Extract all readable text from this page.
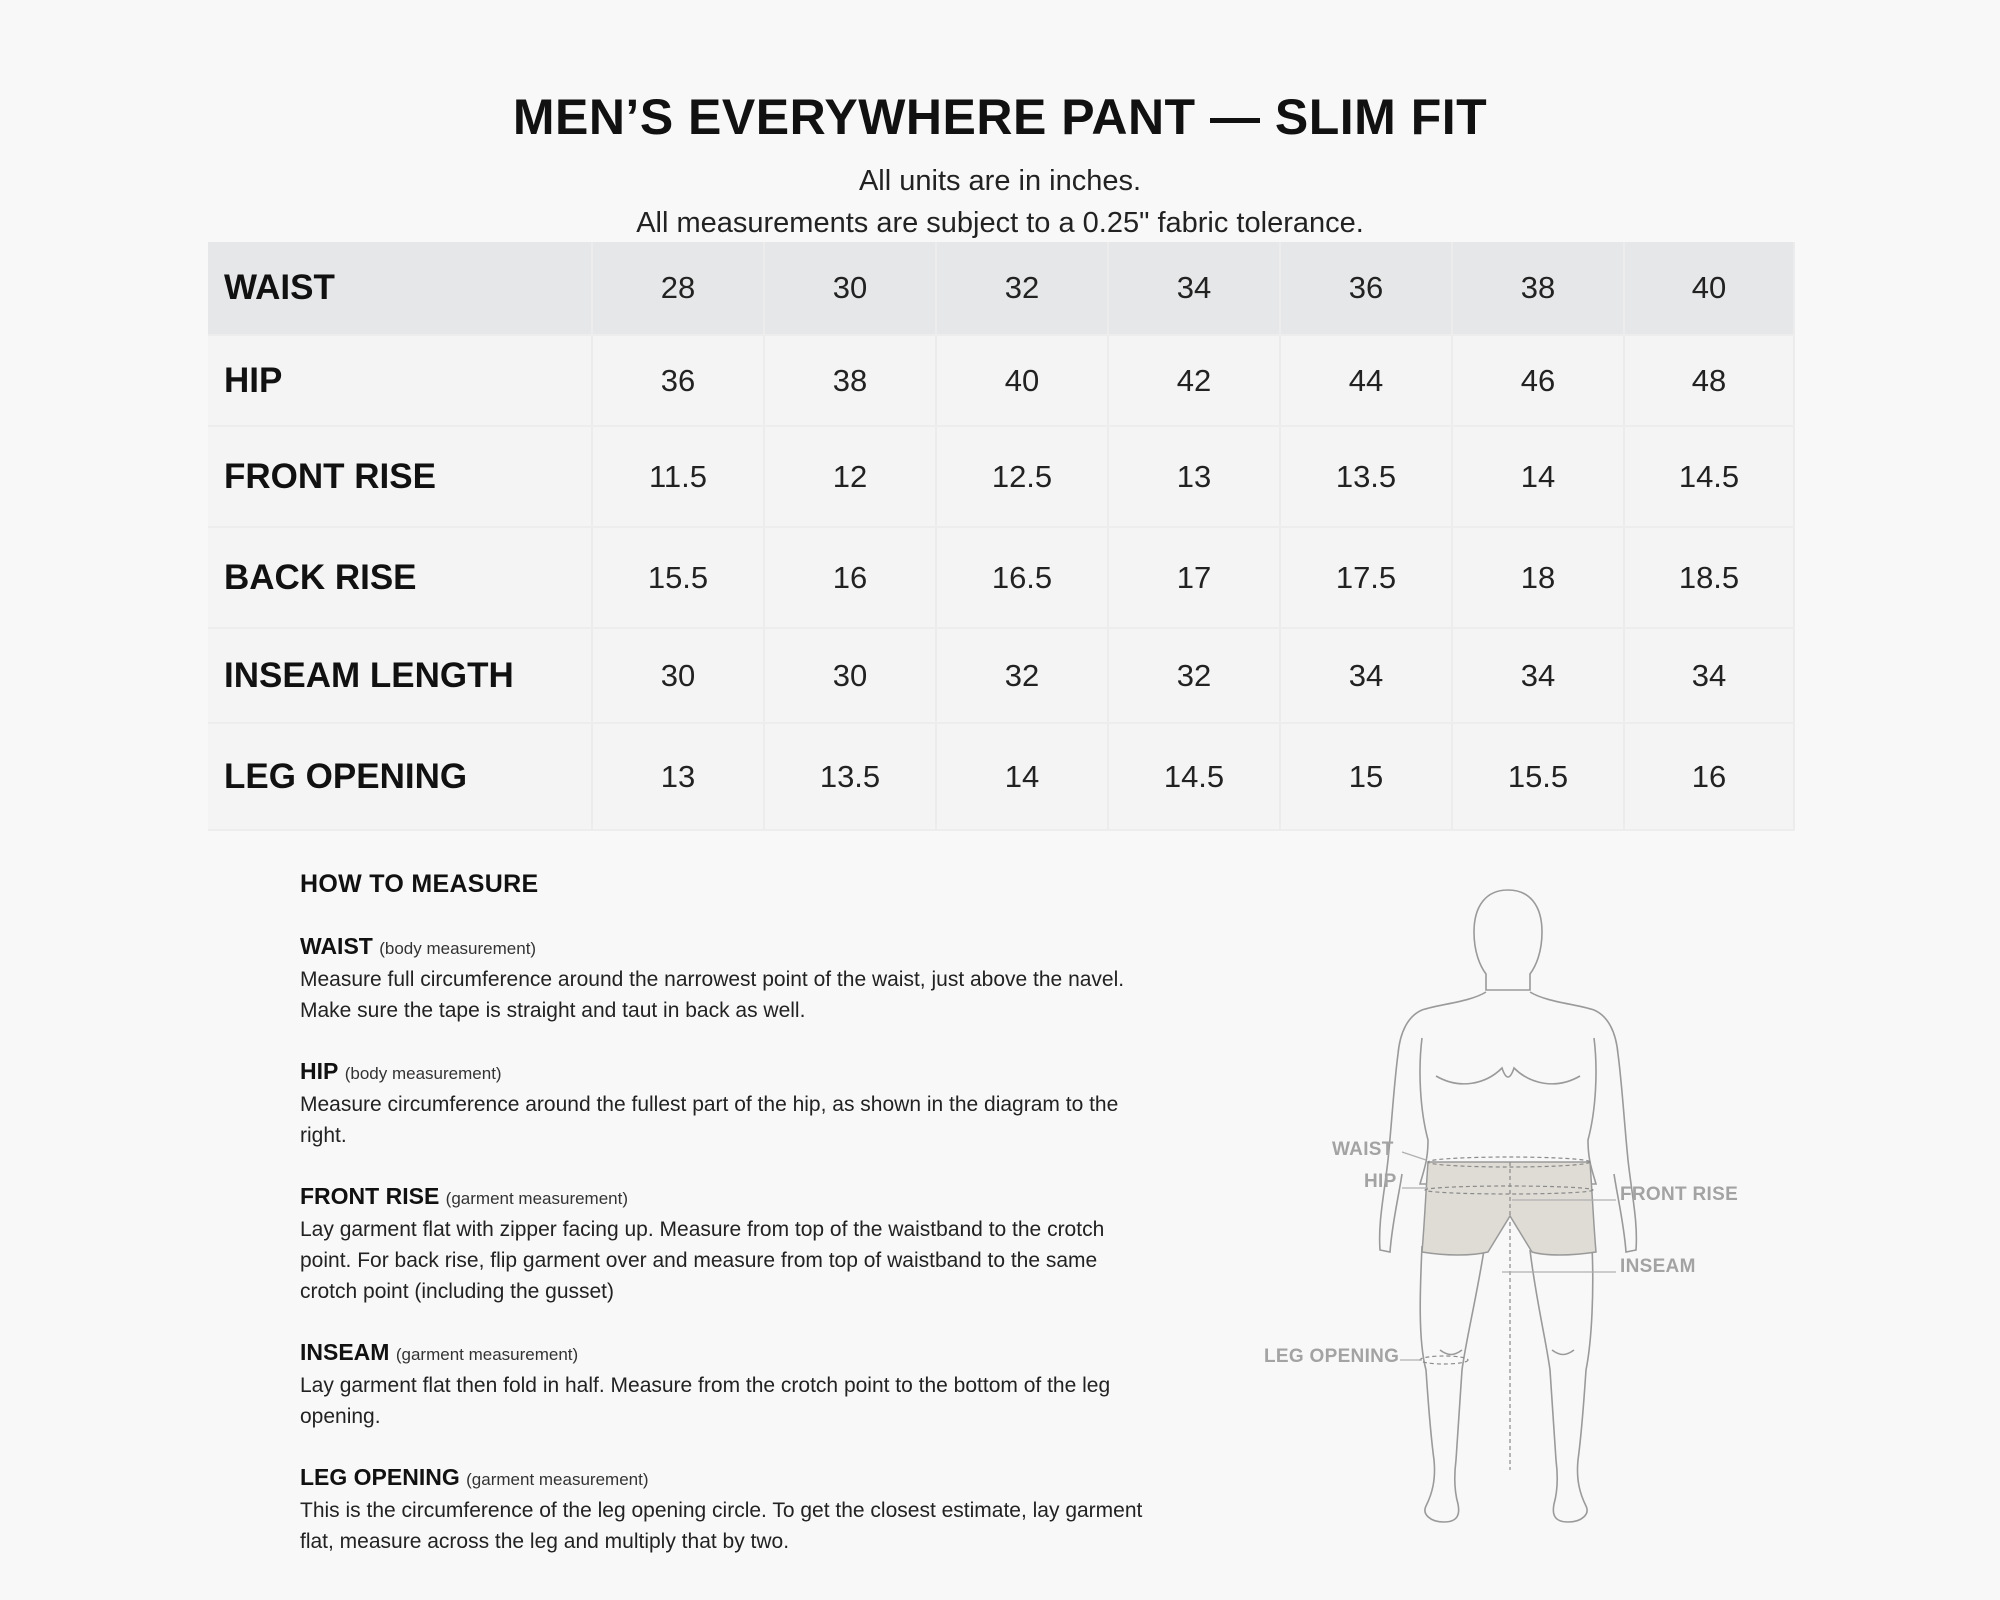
MEN’S EVERYWHERE PANT — SLIM FIT
All units are in inches.
All measurements are subject to a 0.25" fabric tolerance.
WAIST	28	30	32	34	36	38	40
HIP	36	38	40	42	44	46	48
FRONT RISE	11.5	12	12.5	13	13.5	14	14.5
BACK RISE	15.5	16	16.5	17	17.5	18	18.5
INSEAM LENGTH	30	30	32	32	34	34	34
LEG OPENING	13	13.5	14	14.5	15	15.5	16
HOW TO MEASURE
WAIST (body measurement)
Measure full circumference around the narrowest point of the waist, just above the navel. Make sure the tape is straight and taut in back as well.
HIP (body measurement)
Measure circumference around the fullest part of the hip, as shown in the diagram to the right.
FRONT RISE (garment measurement)
Lay garment flat with zipper facing up. Measure from top of the waistband to the crotch point. For back rise, flip garment over and measure from top of waistband to the same crotch point (including the gusset)
INSEAM (garment measurement)
Lay garment flat then fold in half. Measure from the crotch point to the bottom of the leg opening.
LEG OPENING (garment measurement)
This is the circumference of the leg opening circle. To get the closest estimate, lay garment flat, measure across the leg and multiply that by two.
WAIST
HIP
FRONT RISE
INSEAM
LEG OPENING
